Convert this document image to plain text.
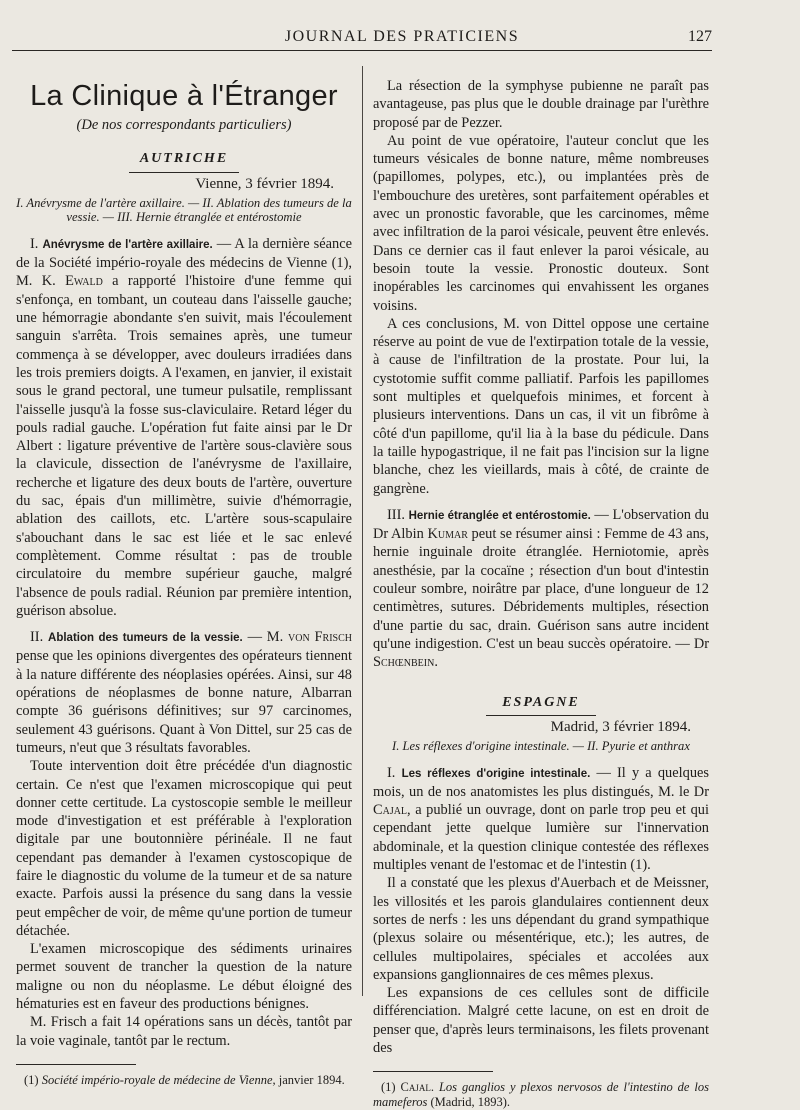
JOURNAL DES PRATICIENS	127
La Clinique à l'Étranger
(De nos correspondants particuliers)
AUTRICHE
Vienne, 3 février 1894.

I. Anévrysme de l'artère axillaire. — II. Ablation des tumeurs de la vessie. — III. Hernie étranglée et entérostomie

I. Anévrysme de l'artère axillaire. — A la dernière séance de la Société império-royale des médecins de Vienne (1), M. K. Ewald a rapporté l'histoire d'une femme qui s'enfonça, en tombant, un couteau dans l'aisselle gauche; une hémorragie abondante s'en suivit, mais l'écoulement sanguin s'arrêta. Trois semaines après, une tumeur commença à se développer, avec douleurs irradiées dans les trois premiers doigts. A l'examen, en janvier, il existait sous le grand pectoral, une tumeur pulsatile, remplissant l'aisselle jusqu'à la fosse sus-claviculaire. Retard léger du pouls radial gauche. L'opération fut faite ainsi par le Dr Albert : ligature préventive de l'artère sous-clavière sous la clavicule, dissection de l'anévrysme de l'axillaire, recherche et ligature des deux bouts de l'artère, ouverture du sac, épais d'un millimètre, suivie d'hémorragie, ablation des caillots, etc. L'artère sous-scapulaire s'abouchant dans le sac est liée et le sac enlevé complètement. Comme résultat : pas de trouble circulatoire du membre supérieur gauche, malgré l'absence de pouls radial. Réunion par première intention, guérison absolue.

II. Ablation des tumeurs de la vessie. — M. von Frisch pense que les opinions divergentes des opérateurs tiennent à la nature différente des néoplasies opérées. Ainsi, sur 48 opérations de néoplasmes de bonne nature, Albarran compte 36 guérisons définitives; sur 97 carcinomes, seulement 43 guérisons. Quant à Von Dittel, sur 25 cas de tumeurs, n'eut que 3 résultats favorables.

Toute intervention doit être précédée d'un diagnostic certain. Ce n'est que l'examen microscopique qui peut donner cette certitude. La cystoscopie semble le meilleur mode d'investigation et est préférable à l'exploration digitale par une boutonnière périnéale. Il ne faut cependant pas demander à l'examen cystoscopique de faire le diagnostic du volume de la tumeur et de sa nature exacte. Parfois aussi la présence du sang dans la vessie peut empêcher de voir, de même qu'une portion de tumeur détachée.

L'examen microscopique des sédiments urinaires permet souvent de trancher la question de la nature maligne ou non du néoplasme. Le début éloigné des hématuries est en faveur des productions bénignes.

M. Frisch a fait 14 opérations sans un décès, tantôt par la voie vaginale, tantôt par le rectum.

(1) Société império-royale de médecine de Vienne, janvier 1894.

La résection de la symphyse pubienne ne paraît pas avantageuse, pas plus que le double drainage par l'urèthre proposé par de Pezzer.

Au point de vue opératoire, l'auteur conclut que les tumeurs vésicales de bonne nature, même nombreuses (papillomes, polypes, etc.), ou implantées près de l'embouchure des uretères, sont parfaitement opérables et avec un pronostic favorable, que les carcinomes, même avec infiltration de la paroi vésicale, peuvent être enlevés. Dans ce dernier cas il faut enlever la paroi vésicale, au besoin toute la vessie. Pronostic douteux. Sont inopérables les carcinomes qui envahissent les organes voisins.

A ces conclusions, M. von Dittel oppose une certaine réserve au point de vue de l'extirpation totale de la vessie, à cause de l'infiltration de la prostate. Pour lui, la cystotomie suffit comme palliatif. Parfois les papillomes sont multiples et quelquefois minimes, et forcent à plusieurs interventions. Dans un cas, il vit un fibrôme à côté d'un papillome, qu'il lia à la base du pédicule. Dans la taille hypogastrique, il ne fait pas l'incision sur la ligne blanche, chez les vieillards, mais à côté, de crainte de gangrène.

III. Hernie étranglée et entérostomie. — L'observation du Dr Albin Kumar peut se résumer ainsi : Femme de 43 ans, hernie inguinale droite étranglée. Herniotomie, après anesthésie, par la cocaïne ; résection d'un bout d'intestin couleur sombre, noirâtre par place, d'une longueur de 12 centimètres, sutures. Débridements multiples, résection d'une partie du sac, drain. Guérison sans autre incident qu'une indigestion. C'est un beau succès opératoire. — Dr Schœnbein.

ESPAGNE
Madrid, 3 février 1894.

I. Les réflexes d'origine intestinale. — II. Pyurie et anthrax

I. Les réflexes d'origine intestinale. — Il y a quelques mois, un de nos anatomistes les plus distingués, M. le Dr Cajal, a publié un ouvrage, dont on parle trop peu et qui cependant jette quelque lumière sur l'innervation abdominale, et la question clinique contestée des réflexes multiples venant de l'estomac et de l'intestin (1).

Il a constaté que les plexus d'Auerbach et de Meissner, les villosités et les parois glandulaires contiennent deux sortes de nerfs : les uns dépendant du grand sympathique (plexus solaire ou mésentérique, etc.); les autres, de cellules multipolaires, spéciales et accolées aux expansions ganglionnaires de ces mêmes plexus.

Les expansions de ces cellules sont de difficile différenciation. Malgré cette lacune, on est en droit de penser que, d'après leurs terminaisons, les filets provenant des

(1) Cajal. Los ganglios y plexos nervosos de l'intestino de los mameferos (Madrid, 1893).
